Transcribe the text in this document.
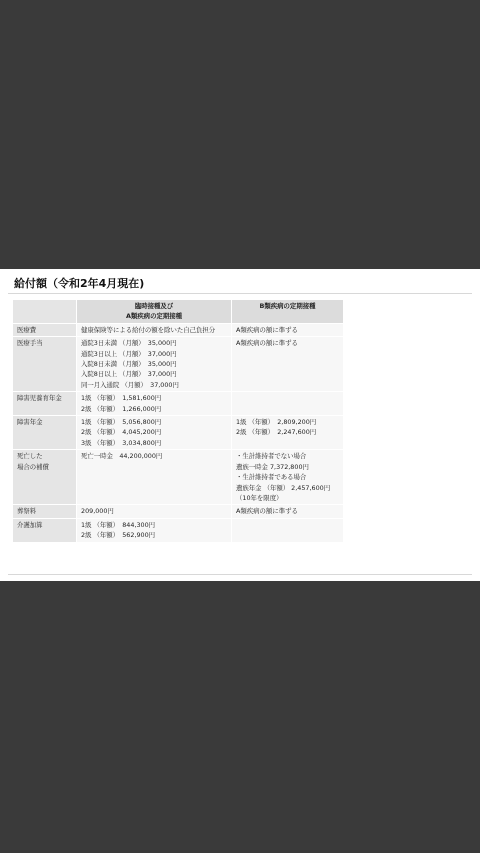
給付額（令和2年4月現在)

	臨時接種及び
A類疾病の定期接種	B類疾病の定期接種

医療費	健康保険等による給付の額を除いた自己負担分	A類疾病の額に準ずる

医療手当	通院3日未満 （月額）　35,000円
通院3日以上 （月額）　37,000円
入院8日未満 （月額）　35,000円
入院8日以上 （月額）　37,000円
同一月入通院 （月額）　37,000円	A類疾病の額に準ずる

障害児養育年金	1級 （年額）　1,581,600円
2級 （年額）　1,266,000円	

障害年金	1級 （年額）　5,056,800円
2級 （年額）　4,045,200円
3級 （年額）　3,034,800円	1級 （年額）　2,809,200円
2級 （年額）　2,247,600円

死亡した
場合の補償	死亡一時金　44,200,000円	・生計維持者でない場合
遺族一時金 7,372,800円
・生計維持者である場合
遺族年金 （年額） 2,457,600円
（10年を限度）

葬祭料	209,000円	A類疾病の額に準ずる

介護加算	1級 （年額）　844,300円
2級 （年額）　562,900円	
